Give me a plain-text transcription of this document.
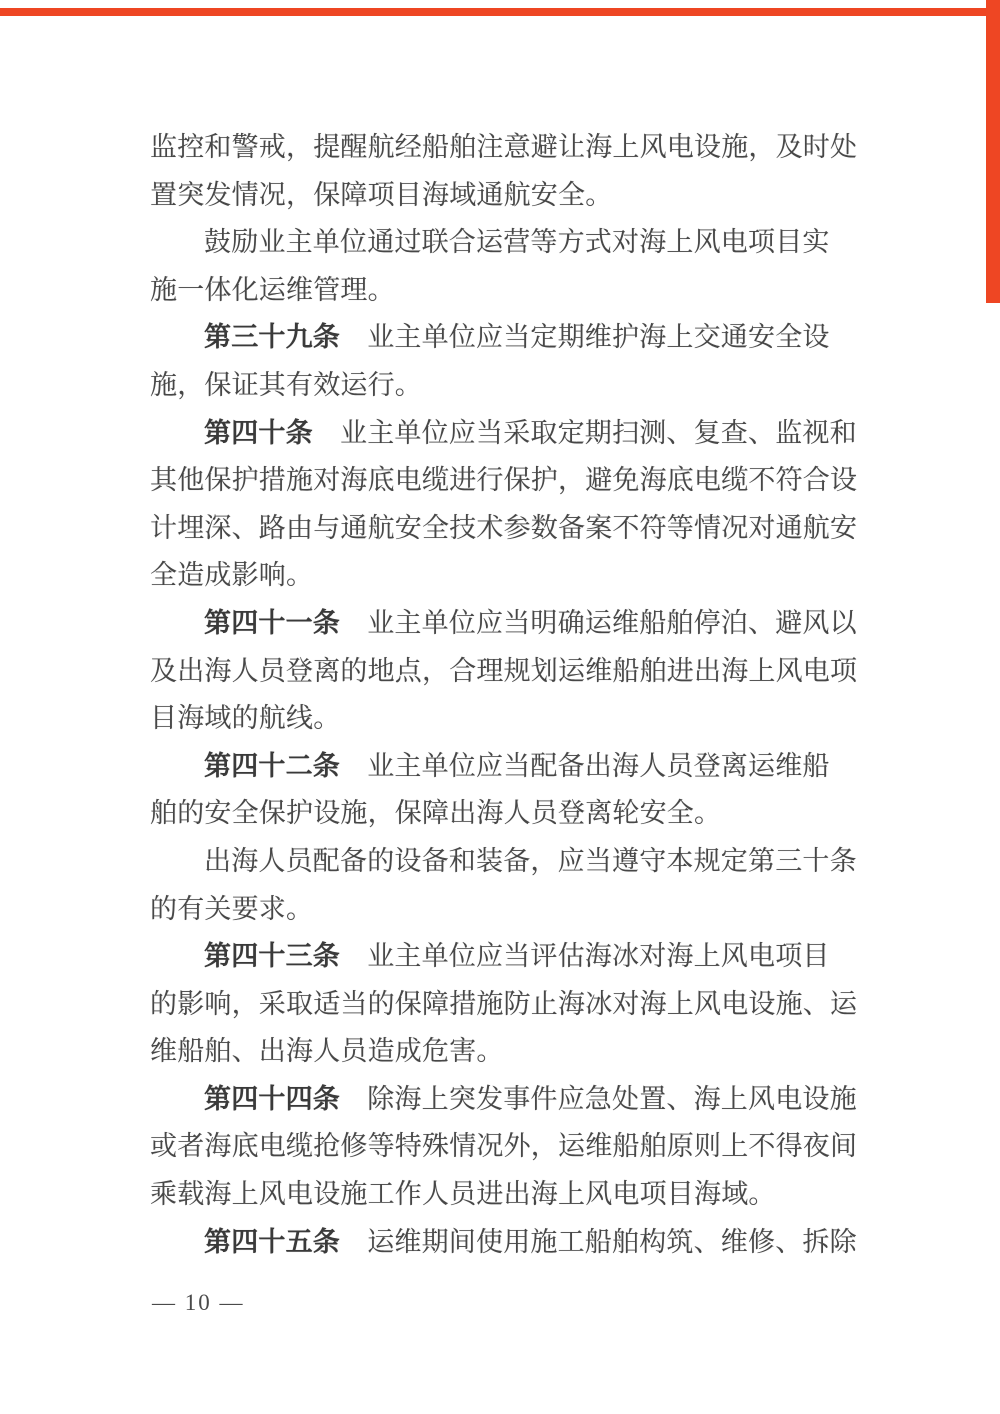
监控和警戒，提醒航经船舶注意避让海上风电设施，及时处
置突发情况，保障项目海域通航安全。
鼓励业主单位通过联合运营等方式对海上风电项目实
施一体化运维管理。
第三十九条　业主单位应当定期维护海上交通安全设
施，保证其有效运行。
第四十条　业主单位应当采取定期扫测、复查、监视和
其他保护措施对海底电缆进行保护，避免海底电缆不符合设
计埋深、路由与通航安全技术参数备案不符等情况对通航安
全造成影响。
第四十一条　业主单位应当明确运维船舶停泊、避风以
及出海人员登离的地点，合理规划运维船舶进出海上风电项
目海域的航线。
第四十二条　业主单位应当配备出海人员登离运维船
舶的安全保护设施，保障出海人员登离轮安全。
出海人员配备的设备和装备，应当遵守本规定第三十条
的有关要求。
第四十三条　业主单位应当评估海冰对海上风电项目
的影响，采取适当的保障措施防止海冰对海上风电设施、运
维船舶、出海人员造成危害。
第四十四条　除海上突发事件应急处置、海上风电设施
或者海底电缆抢修等特殊情况外，运维船舶原则上不得夜间
乘载海上风电设施工作人员进出海上风电项目海域。
第四十五条　运维期间使用施工船舶构筑、维修、拆除
— 10 —
